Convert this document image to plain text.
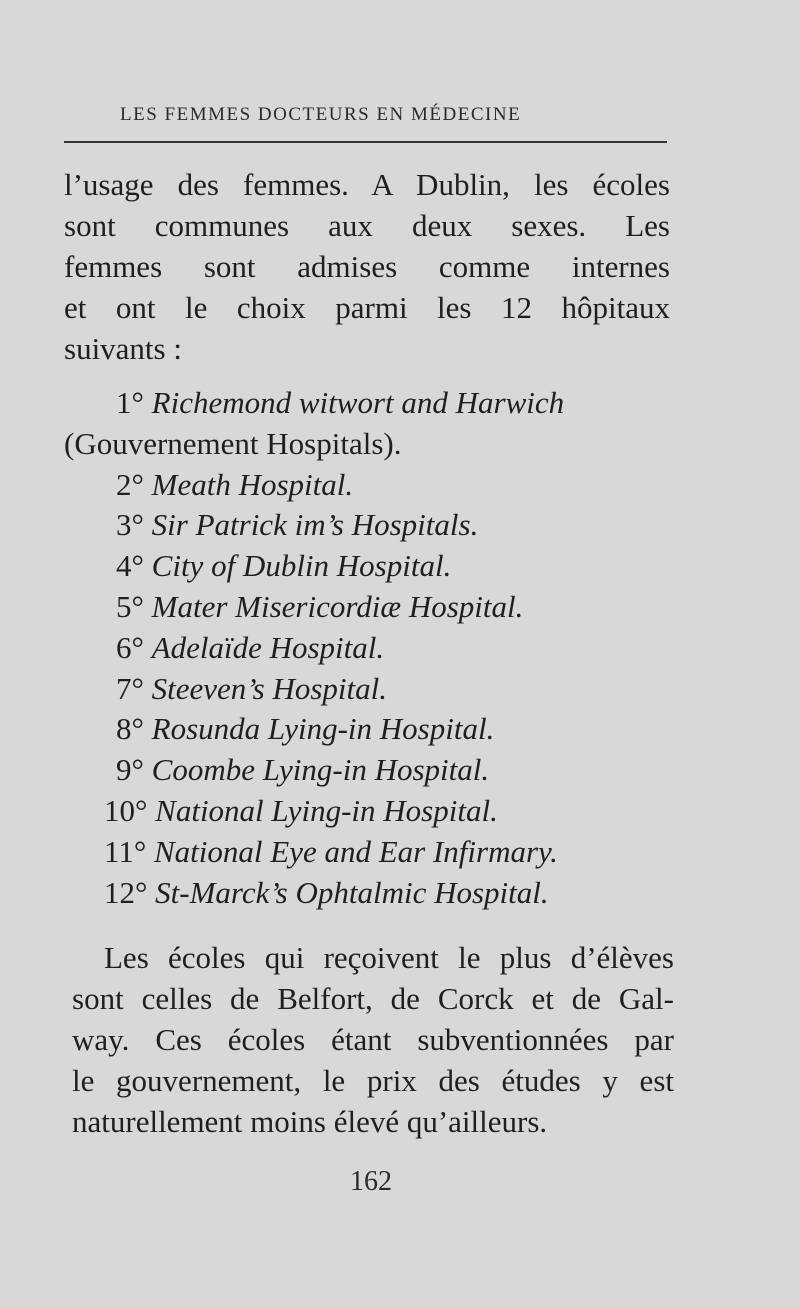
LES FEMMES DOCTEURS EN MÉDECINE
l’usage des femmes. A Dublin, les écoles
sont communes aux deux sexes. Les
femmes sont admises comme internes
et ont le choix parmi les 12 hôpitaux
suivants :
1° Richemond witwort and Harwich
(Gouvernement Hospitals).
2° Meath Hospital.
3° Sir Patrick im’s Hospitals.
4° City of Dublin Hospital.
5° Mater Misericordiæ Hospital.
6° Adelaïde Hospital.
7° Steeven’s Hospital.
8° Rosunda Lying-in Hospital.
9° Coombe Lying-in Hospital.
10° National Lying-in Hospital.
11° National Eye and Ear Infirmary.
12° St-Marck’s Ophtalmic Hospital.
Les écoles qui reçoivent le plus d’élèves
sont celles de Belfort, de Corck et de Gal-
way. Ces écoles étant subventionnées par
le gouvernement, le prix des études y est
naturellement moins élevé qu’ailleurs.
162
